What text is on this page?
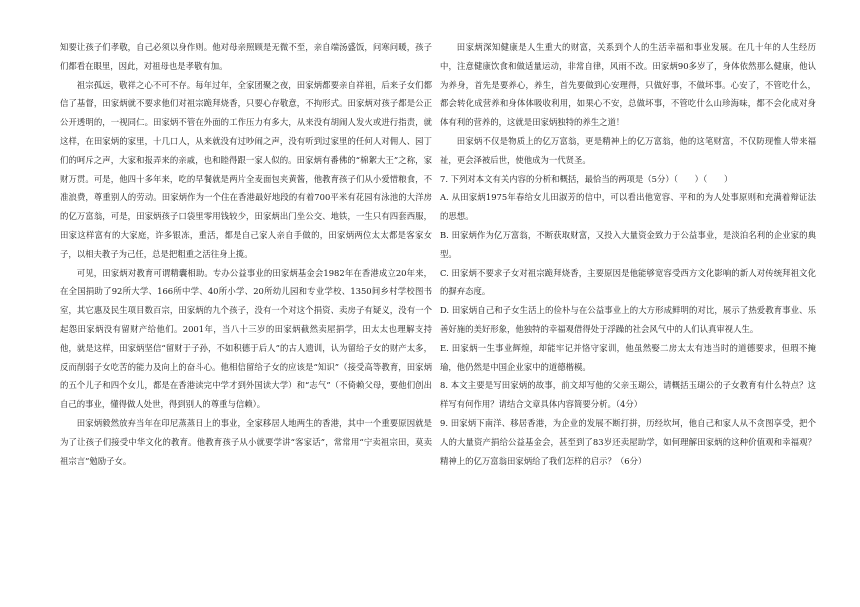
知要让孩子们孝敬，自己必须以身作则。他对母亲照顾是无微不至，亲自端汤盛饭，问寒问暖，孩子们都看在眼里，因此，对祖母也是孝敬有加。

祖宗孤远，敬祥之心不可不存。每年过年，全家团聚之夜，田家炳都要亲自祥祖，后来子女们都信了基督，田家炳就不要求他们对祖宗跪拜烧香，只要心存敬意，不拘形式。田家炳对孩子都是公正公开透明的，一视同仁。田家炳不管在外面的工作压力有多大，从来没有胡闹人发火或进行指责，就这样，在田家炳的家里，十几口人，从来就没有过吵闹之声，没有听到过家里的任何人对佣人、园丁们的呵斥之声，大家和报弄来的亲戚，也和睦得跟一家人似的。田家炳有番佛的“棉絮大王”之称，家财万贯。可是，他四十多年来，吃的早餐就是两片全麦面包夹黄酱，他教育孩子们从小爱惜粮食，不准浪费，尊重别人的劳动。田家炳作为一个住在香港最好地段的有着700平米有花园有泳池的大洋房的亿万富翁，可是，田家炳孩子口袋里零用钱较少，田家炳出门坐公交、地铁，一生只有四套西服，田家这样富有的大家庭，许多银冻，重活，都是自己家人亲自手做的，田家炳两位太太都是客家女子，以相夫教子为己任，总是把粗重之活往身上揽。

可见，田家炳对教育可谓精囊相助。专办公益事业的田家炳基金会1982年在香港成立20年来，在全国捐助了92所大学、166所中学、40所小学、20所幼儿园和专业学校、1350间乡村学校图书室，其它惠及民生项目数百宗，田家炳的九个孩子，没有一个对这个捐资、卖房子有疑义，没有一个起怨田家炳没有留财产给他们。2001年，当八十三岁的田家炳截然卖屋捐学，田太太也理解支持他，就是这样，田家炳坚信“留财于子孙，不如积德于后人”的古人遗训，认为留给子女的财产太多，反而削弱子女吃苦的能力及向上的奋斗心。他相信留给子女的应该是“知识”（接受高等教育，田家炳的五个儿子和四个女儿，都是在香港读完中学才到外国读大学）和“志气”（不倚赖父母，要他们创出自己的事业，懂得做人处世，得到别人的尊重与信赖）。

田家炳毅然放弃当年在印尼蒸蒸日上的事业，全家移居人地两生的香港，其中一个重要原因就是为了让孩子们接受中华文化的教育。他教育孩子从小就要学讲“客家话”，常常用“宁卖祖宗田，莫卖祖宗言”勉励子女。

田家炳深知健康是人生重大的财富，关系到个人的生活幸福和事业发展。在几十年的人生经历中，注意健康饮食和做适量运动，非常自律，风雨不改。田家炳90多岁了，身体依然那么健康，他认为养身，首先是要养心，养生，首先要做到心安理得，只做好事，不做坏事。心安了，不管吃什么，都会转化成营养和身体体吸收利用，如果心不安，总做坏事，不管吃什么山珍海味，都不会化成对身体有利的营养的，这就是田家炳独特的养生之道！

田家炳不仅是物质上的亿万富翁，更是精神上的亿万富翁，他的这笔财富，不仅防现惟人带来福祉，更会泽被后世，使他成为一代贤圣。

7. 下列对本文有关内容的分析和概括，最恰当的两项是（5分）（　　）（　　）

A. 从田家炳1975年春给女儿田淑芳的信中，可以看出他宽容、平和的为人处事原则和充满着辩证法的思想。

B. 田家炳作为亿万富翁，不断获取财富，又投入大量资金致力于公益事业，是淡泊名利的企业家的典型。

C. 田家炳不要求子女对祖宗跪拜烧香，主要原因是他能够宽容受西方文化影响的新人对传统拜祖文化的摒弃态度。

D. 田家炳自己和子女生活上的俭朴与在公益事业上的大方形成鲜明的对比，展示了热爱教育事业、乐善好施的美好形象，他独特的幸福观借得处于浮躁的社会风气中的人们认真审视人生。

E. 田家炳一生事业辉煌，却能牢记并恪守家训，他虽然娶二房太太有违当时的道德要求，但瑕不掩瑜，他仍然是中国企业家中的道德楷模。

8. 本文主要是写田家炳的故事，前文却写他的父亲玉瑚公，请概括玉瑚公的子女教育有什么特点？这样写有何作用？请结合文章具体内容简要分析。（4分）

9. 田家炳下南洋、移居香港，为企业的发展不断打拼，历经坎坷，他自己和家人从不贪图享受，把个人的大量资产捐给公益基金会，甚至到了83岁还卖屋助学，如何理解田家炳的这种价值观和幸福观？精神上的亿万富翁田家炳给了我们怎样的启示？（6分）
